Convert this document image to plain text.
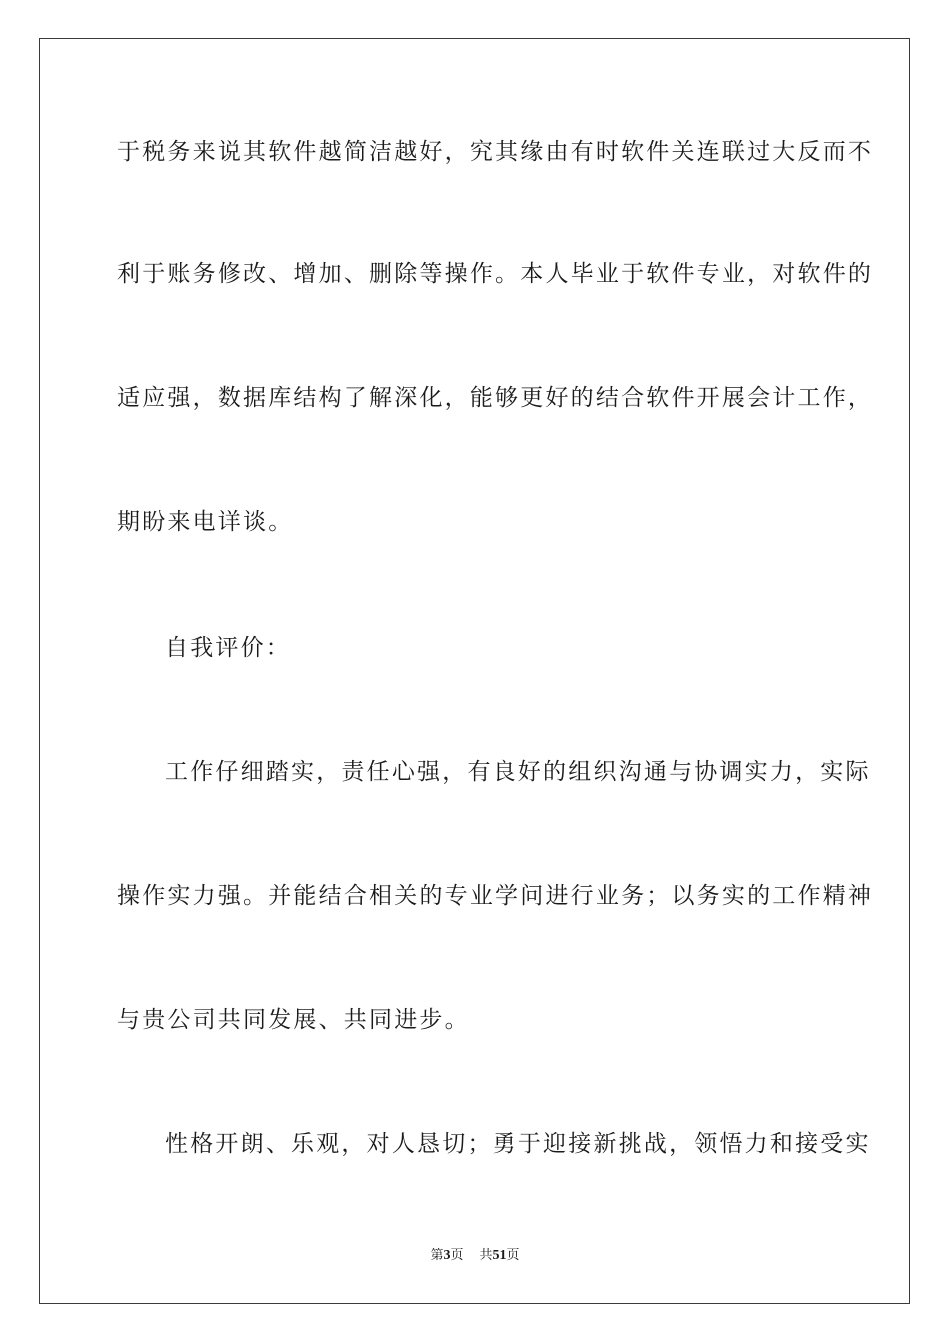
于 税 务 来 说 其 软 件 越 简 洁 越 好 ， 究 其 缘 由 有 时 软 件 关 连 联 过 大 反 而 不
利 于 账 务 修 改 、 增 加 、 删 除 等 操 作 。 本 人 毕 业 于 软 件 专 业 ， 对 软 件 的
适 应 强 ， 数 据 库 结 构 了 解 深 化 ， 能 够 更 好 的 结 合 软 件 开 展 会 计 工 作 ，
期盼来电详谈。
自我评价：
工 作 仔 细 踏 实 ， 责 任 心 强 ， 有 良 好 的 组 织 沟 通 与 协 调 实 力 ， 实 际
操 作 实 力 强 。 并 能 结 合 相 关 的 专 业 学 问 进 行 业 务 ； 以 务 实 的 工 作 精 神
与贵公司共同发展、共同进步。
性 格 开 朗 、 乐 观 ， 对 人 恳 切 ； 勇 于 迎 接 新 挑 战 ， 领 悟 力 和 接 受 实
第3页 共51页
